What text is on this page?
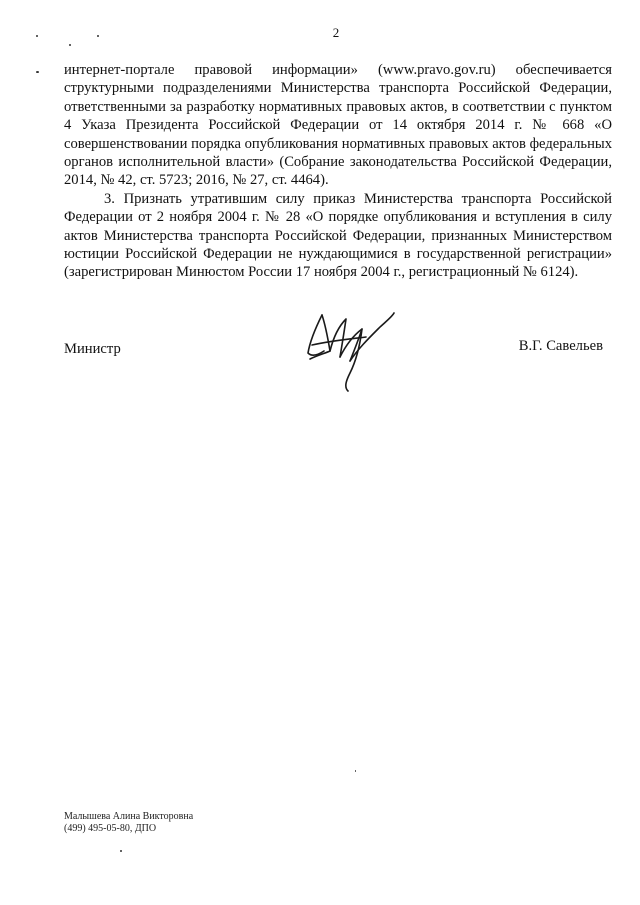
2

интернет-портале правовой информации» (www.pravo.gov.ru) обеспечивается структурными подразделениями Министерства транспорта Российской Федерации, ответственными за разработку нормативных правовых актов, в соответствии с пунктом 4 Указа Президента Российской Федерации от 14 октября 2014 г. № 668 «О совершенствовании порядка опубликования нормативных правовых актов федеральных органов исполнительной власти» (Собрание законодательства Российской Федерации, 2014, № 42, ст. 5723; 2016, № 27, ст. 4464).

3. Признать утратившим силу приказ Министерства транспорта Российской Федерации от 2 ноября 2004 г. № 28 «О порядке опубликования и вступления в силу актов Министерства транспорта Российской Федерации, признанных Министерством юстиции Российской Федерации не нуждающимися в государственной регистрации» (зарегистрирован Минюстом России 17 ноября 2004 г., регистрационный № 6124).

Министр	В.Г. Савельев
Малышева Алина Викторовна
(499) 495-05-80, ДПО
